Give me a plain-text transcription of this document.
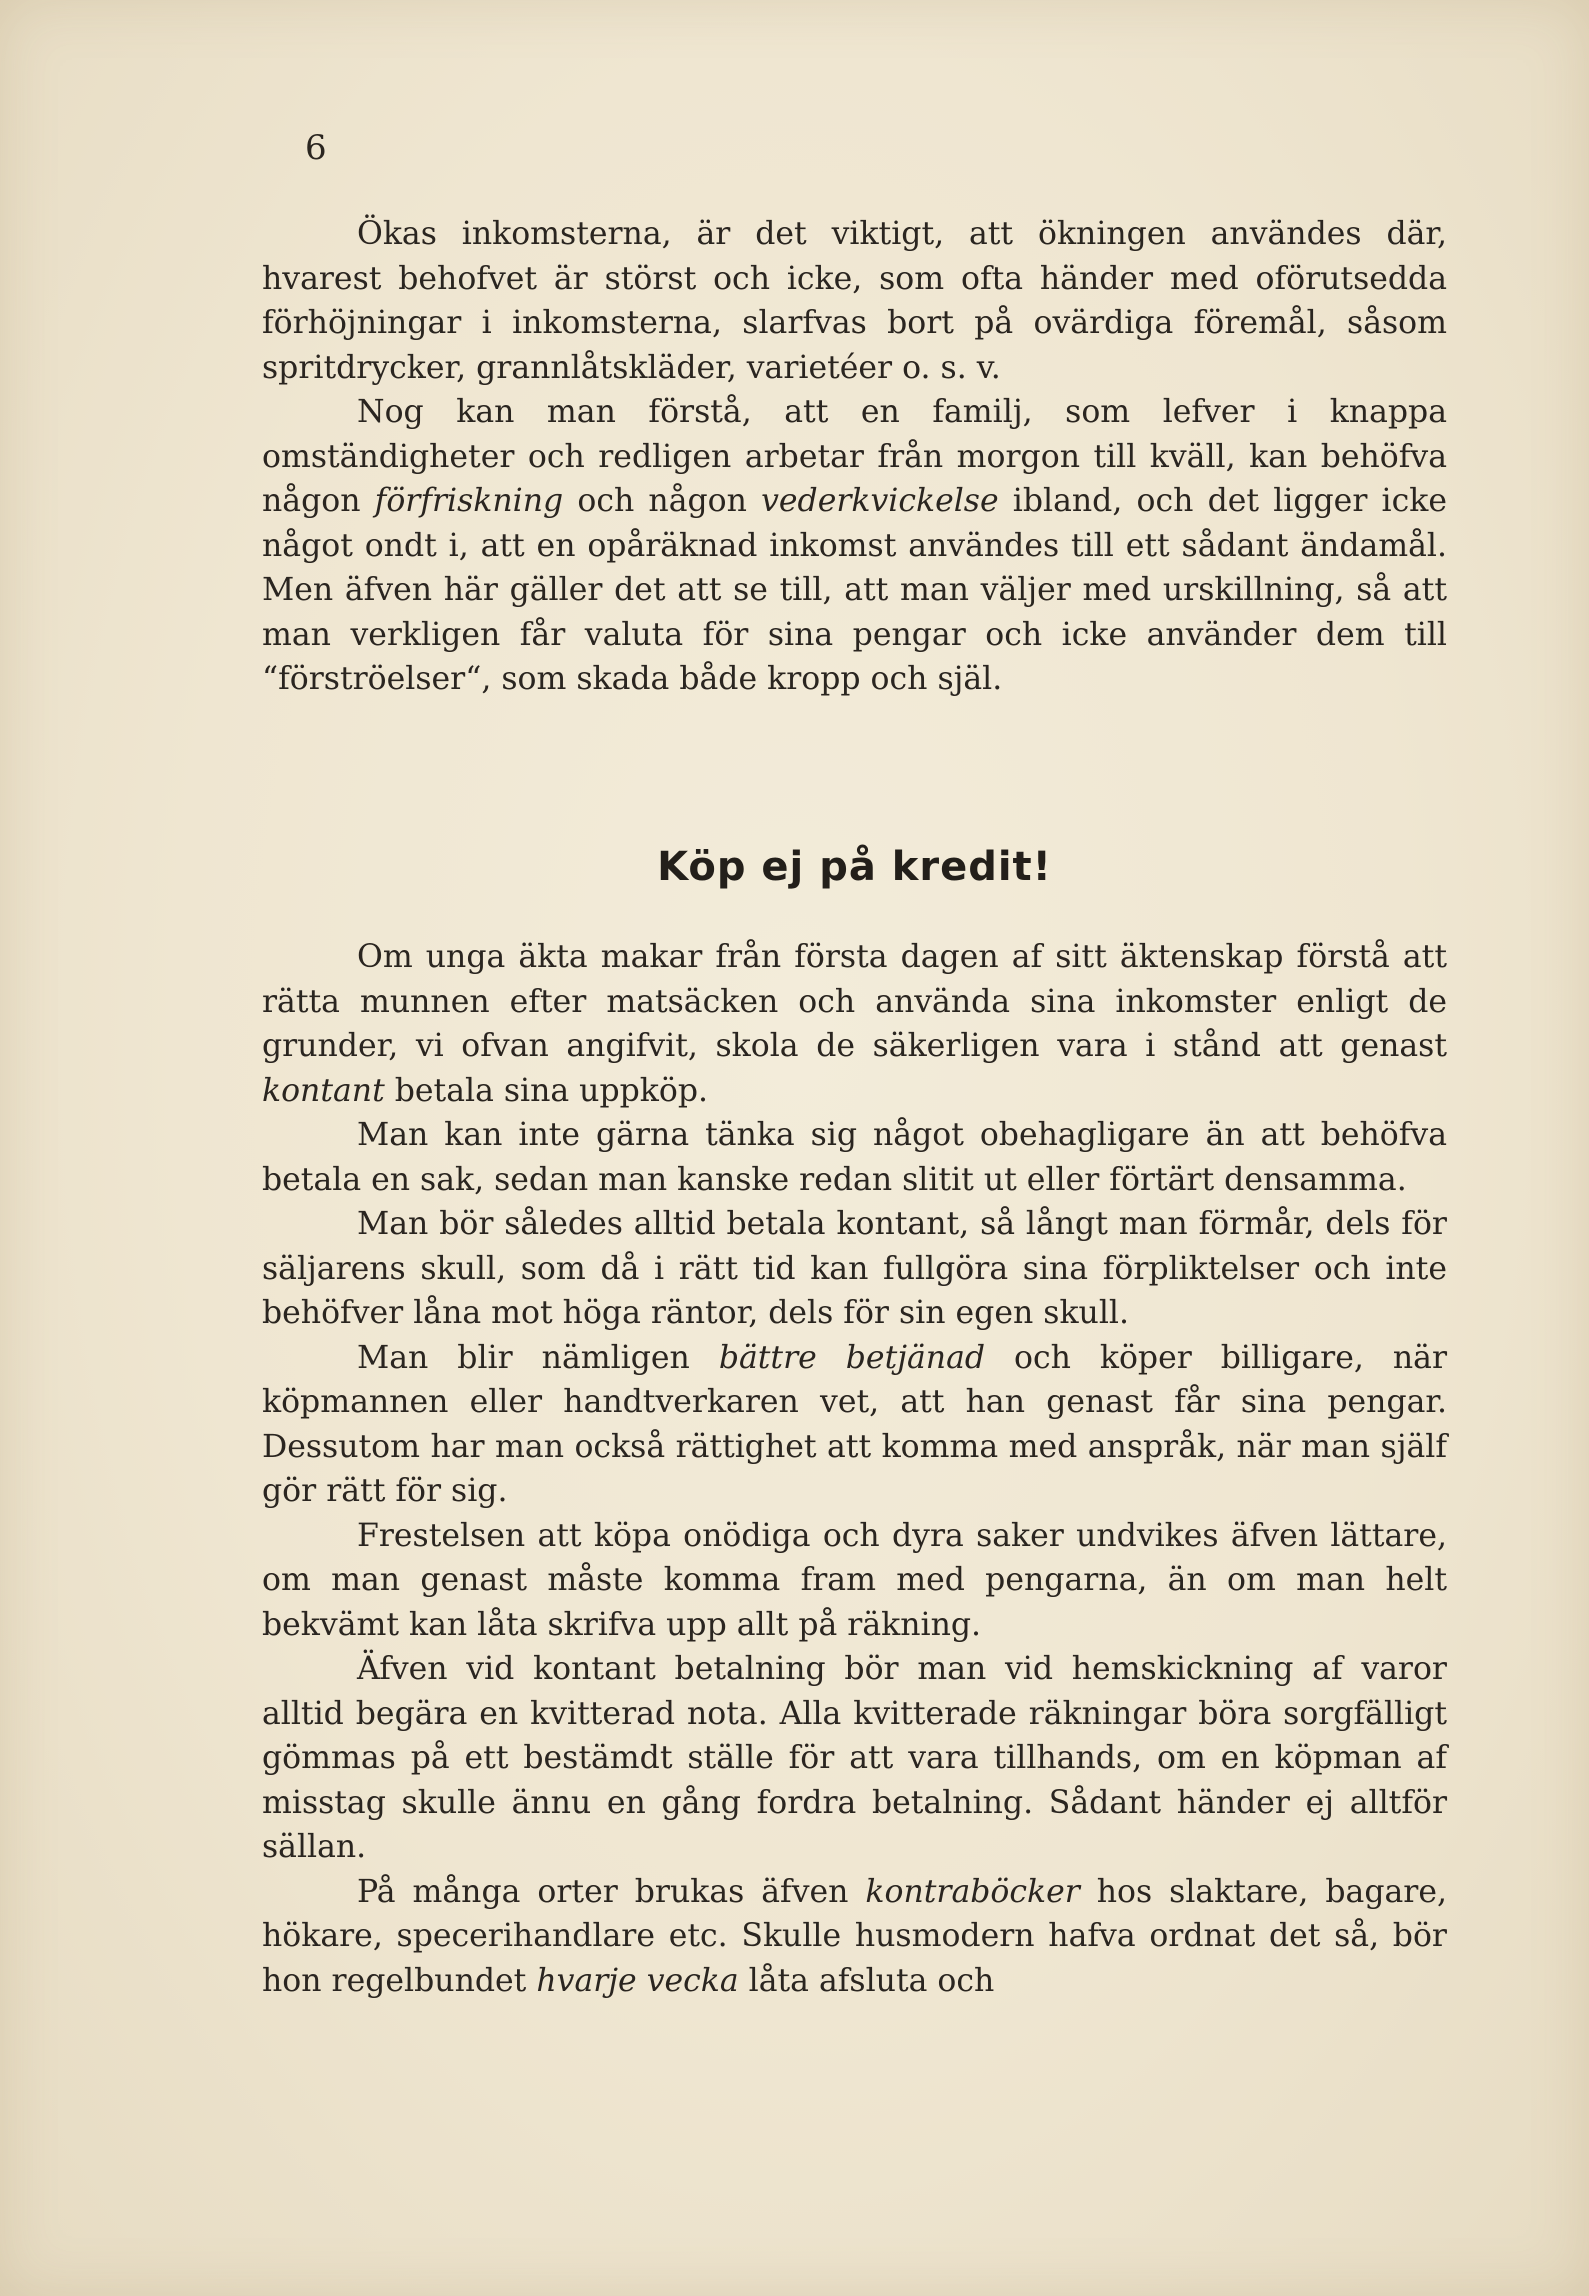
6

Ökas inkomsterna, är det viktigt, att ökningen användes där, hvarest behofvet är störst och icke, som ofta händer med oförutsedda förhöjningar i inkomsterna, slarfvas bort på ovärdiga föremål, såsom spritdrycker, grannlåtskläder, varietéer o. s. v.

Nog kan man förstå, att en familj, som lefver i knappa omständigheter och redligen arbetar från morgon till kväll, kan behöfva någon förfriskning och någon vederkvickelse ibland, och det ligger icke något ondt i, att en opåräknad inkomst användes till ett sådant ändamål. Men äfven här gäller det att se till, att man väljer med urskillning, så att man verkligen får valuta för sina pengar och icke använder dem till “förströelser“, som skada både kropp och själ.

Köp ej på kredit!

Om unga äkta makar från första dagen af sitt äktenskap förstå att rätta munnen efter matsäcken och använda sina inkomster enligt de grunder, vi ofvan angifvit, skola de säkerligen vara i stånd att genast kontant betala sina uppköp.

Man kan inte gärna tänka sig något obehagligare än att behöfva betala en sak, sedan man kanske redan slitit ut eller förtärt densamma.

Man bör således alltid betala kontant, så långt man förmår, dels för säljarens skull, som då i rätt tid kan fullgöra sina förpliktelser och inte behöfver låna mot höga räntor, dels för sin egen skull.

Man blir nämligen bättre betjänad och köper billigare, när köpmannen eller handtverkaren vet, att han genast får sina pengar. Dessutom har man också rättighet att komma med anspråk, när man själf gör rätt för sig.

Frestelsen att köpa onödiga och dyra saker undvikes äfven lättare, om man genast måste komma fram med pengarna, än om man helt bekvämt kan låta skrifva upp allt på räkning.

Äfven vid kontant betalning bör man vid hemskickning af varor alltid begära en kvitterad nota. Alla kvitterade räkningar böra sorgfälligt gömmas på ett bestämdt ställe för att vara tillhands, om en köpman af misstag skulle ännu en gång fordra betalning. Sådant händer ej alltför sällan.

På många orter brukas äfven kontraböcker hos slaktare, bagare, hökare, specerihandlare etc. Skulle husmodern hafva ordnat det så, bör hon regelbundet hvarje vecka låta afsluta och
